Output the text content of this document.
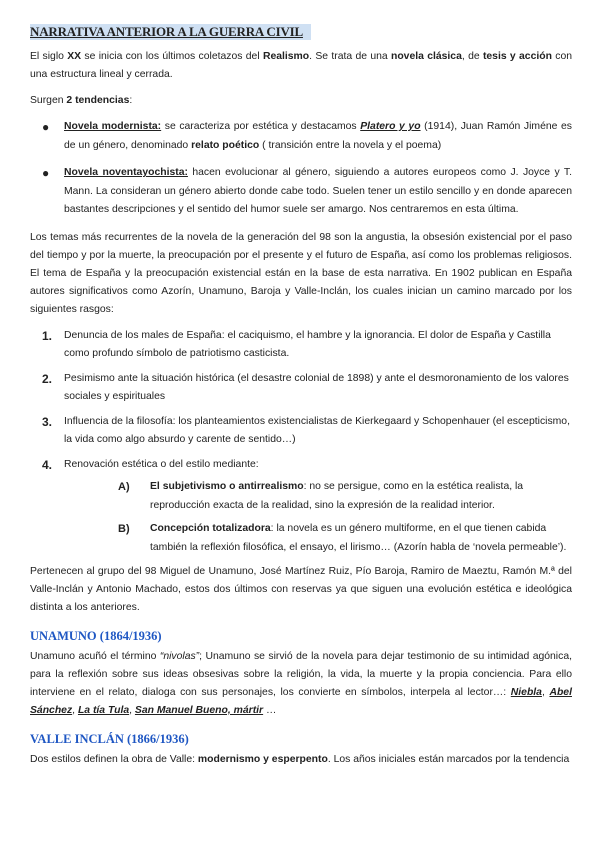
NARRATIVA ANTERIOR A LA GUERRA CIVIL

El siglo XX se inicia con los últimos coletazos del Realismo. Se trata de una novela clásica, de tesis y acción con una estructura lineal y cerrada.

Surgen 2 tendencias:

● Novela modernista: se caracteriza por estética y destacamos Platero y yo (1914), Juan Ramón Jiméne es de un género, denominado relato poético ( transición entre la novela y el poema)
● Novela noventayochista: hacen evolucionar al género, siguiendo a autores europeos como J. Joyce y T. Mann. La consideran un género abierto donde cabe todo. Suelen tener un estilo sencillo y en donde aparecen bastantes descripciones y el sentido del humor suele ser amargo. Nos centraremos en esta última.

Los temas más recurrentes de la novela de la generación del 98 son la angustia, la obsesión existencial por el paso del tiempo y por la muerte, la preocupación por el presente y el futuro de España, así como los problemas religiosos. El tema de España y la preocupación existencial están en la base de esta narrativa. En 1902 publican en España autores significativos como Azorín, Unamuno, Baroja y Valle-Inclán, los cuales inician un camino marcado por los siguientes rasgos:

1. Denuncia de los males de España: el caciquismo, el hambre y la ignorancia. El dolor de España y Castilla como profundo símbolo de patriotismo casticista.
2. Pesimismo ante la situación histórica (el desastre colonial de 1898) y ante el desmoronamiento de los valores sociales y espirituales
3. Influencia de la filosofía: los planteamientos existencialistas de Kierkegaard y Schopenhauer (el escepticismo, la vida como algo absurdo y carente de sentido…)
4. Renovación estética o del estilo mediante:
A) El subjetivismo o antirrealismo: no se persigue, como en la estética realista, la reproducción exacta de la realidad, sino la expresión de la realidad interior.
B) Concepción totalizadora: la novela es un género multiforme, en el que tienen cabida también la reflexión filosófica, el ensayo, el lirismo… (Azorín habla de ‘novela permeable’).

Pertenecen al grupo del 98 Miguel de Unamuno, José Martínez Ruiz, Pío Baroja, Ramiro de Maeztu, Ramón M.ª del Valle-Inclán y Antonio Machado, estos dos últimos con reservas ya que siguen una evolución estética e ideológica distinta a los anteriores.

UNAMUNO (1864/1936)

Unamuno acuñó el término “nivolas”; Unamuno se sirvió de la novela para dejar testimonio de su intimidad agónica, para la reflexión sobre sus ideas obsesivas sobre la religión, la vida, la muerte y la propia conciencia. Para ello interviene en el relato, dialoga con sus personajes, los convierte en símbolos, interpela al lector…: Niebla, Abel Sánchez, La tía Tula, San Manuel Bueno, mártir …

VALLE INCLÁN (1866/1936)

Dos estilos definen la obra de Valle: modernismo y esperpento. Los años iniciales están marcados por la tendencia
